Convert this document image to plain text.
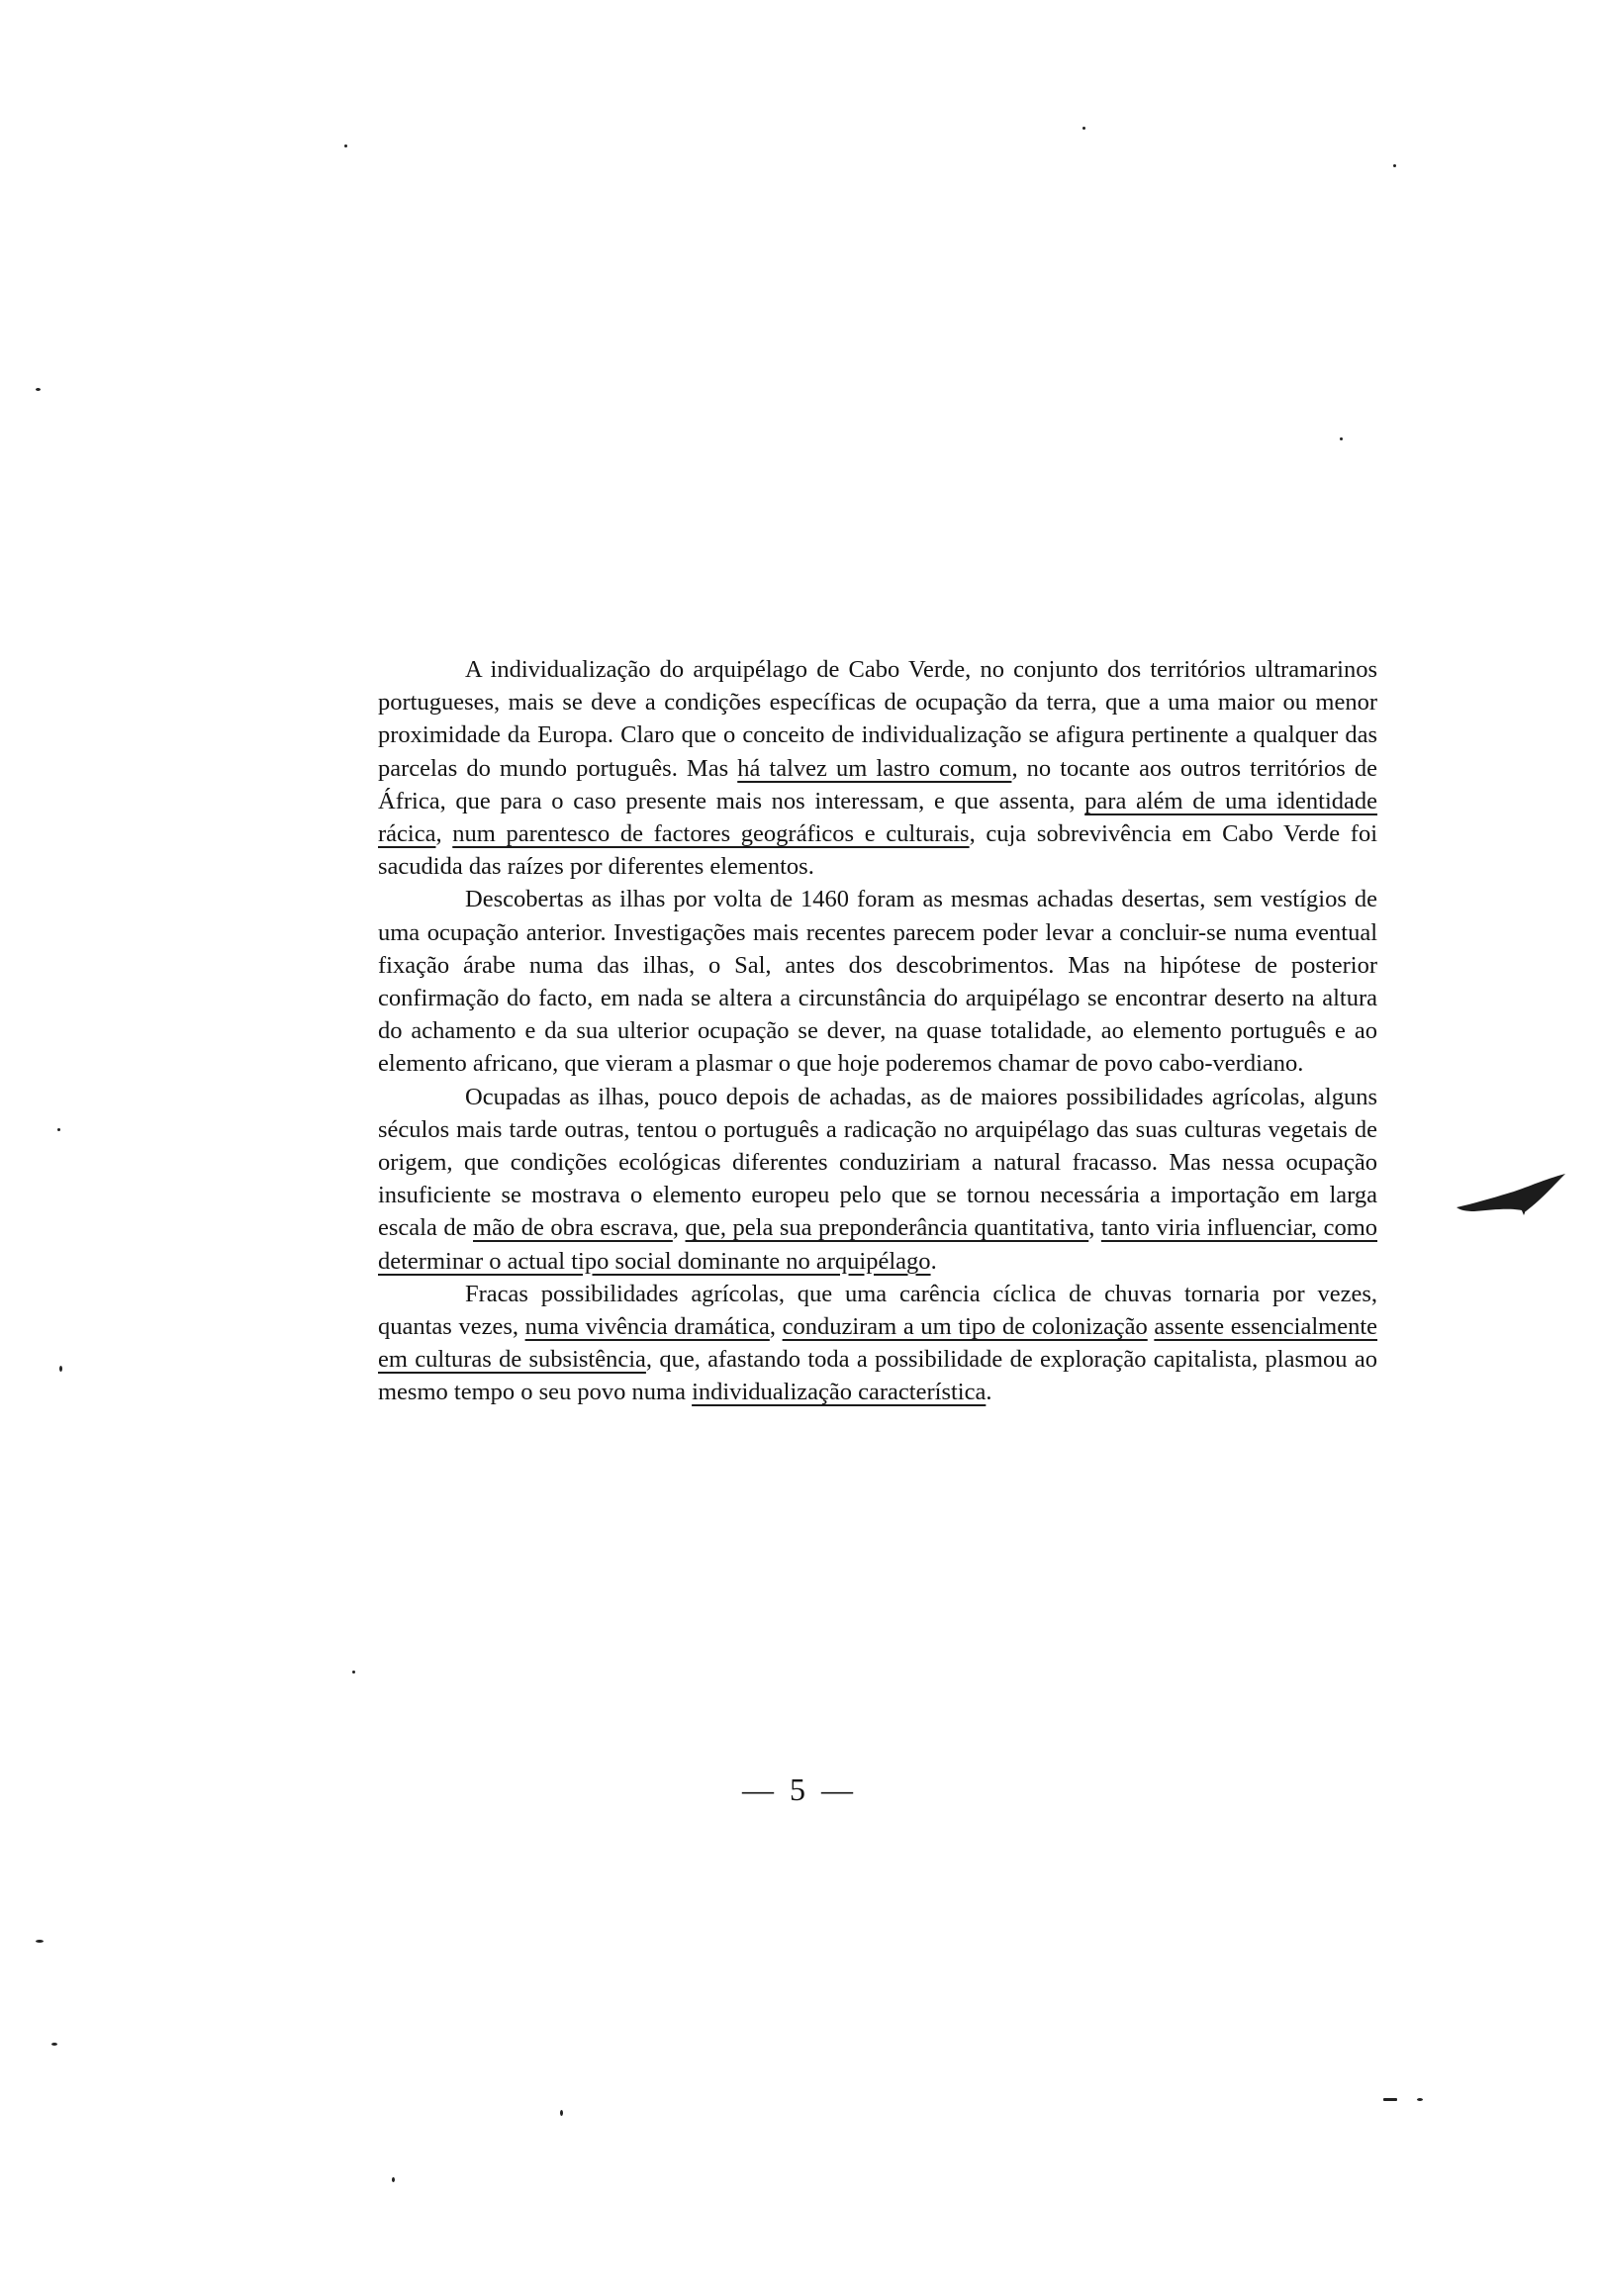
A individualização do arquipélago de Cabo Verde, no conjunto dos territórios ultramarinos portugueses, mais se deve a condições específicas de ocupação da terra, que a uma maior ou menor proximidade da Europa. Claro que o conceito de individualização se afigura pertinente a qualquer das parcelas do mundo português. Mas há talvez um lastro comum, no tocante aos outros territórios de África, que para o caso presente mais nos interessam, e que assenta, para além de uma identidade rácica, num parentesco de factores geográficos e culturais, cuja sobrevivência em Cabo Verde foi sacudida das raízes por diferentes elementos.

Descobertas as ilhas por volta de 1460 foram as mesmas achadas desertas, sem vestígios de uma ocupação anterior. Investigações mais recentes parecem poder levar a concluir-se numa eventual fixação árabe numa das ilhas, o Sal, antes dos descobrimentos. Mas na hipótese de posterior confirmação do facto, em nada se altera a circunstância do arquipélago se encontrar deserto na altura do achamento e da sua ulterior ocupação se dever, na quase totalidade, ao elemento português e ao elemento africano, que vieram a plasmar o que hoje poderemos chamar de povo cabo-verdiano.

Ocupadas as ilhas, pouco depois de achadas, as de maiores possibilidades agrícolas, alguns séculos mais tarde outras, tentou o português a radicação no arquipélago das suas culturas vegetais de origem, que condições ecológicas diferentes conduziriam a natural fracasso. Mas nessa ocupação insuficiente se mostrava o elemento europeu pelo que se tornou necessária a importação em larga escala de mão de obra escrava, que, pela sua preponderância quantitativa, tanto viria influenciar, como determinar o actual tipo social dominante no arquipélago.

Fracas possibilidades agrícolas, que uma carência cíclica de chuvas tornaria por vezes, quantas vezes, numa vivência dramática, conduziram a um tipo de colonização assente essencialmente em culturas de subsistência, que, afastando toda a possibilidade de exploração capitalista, plasmou ao mesmo tempo o seu povo numa individualização característica.

— 5 —
